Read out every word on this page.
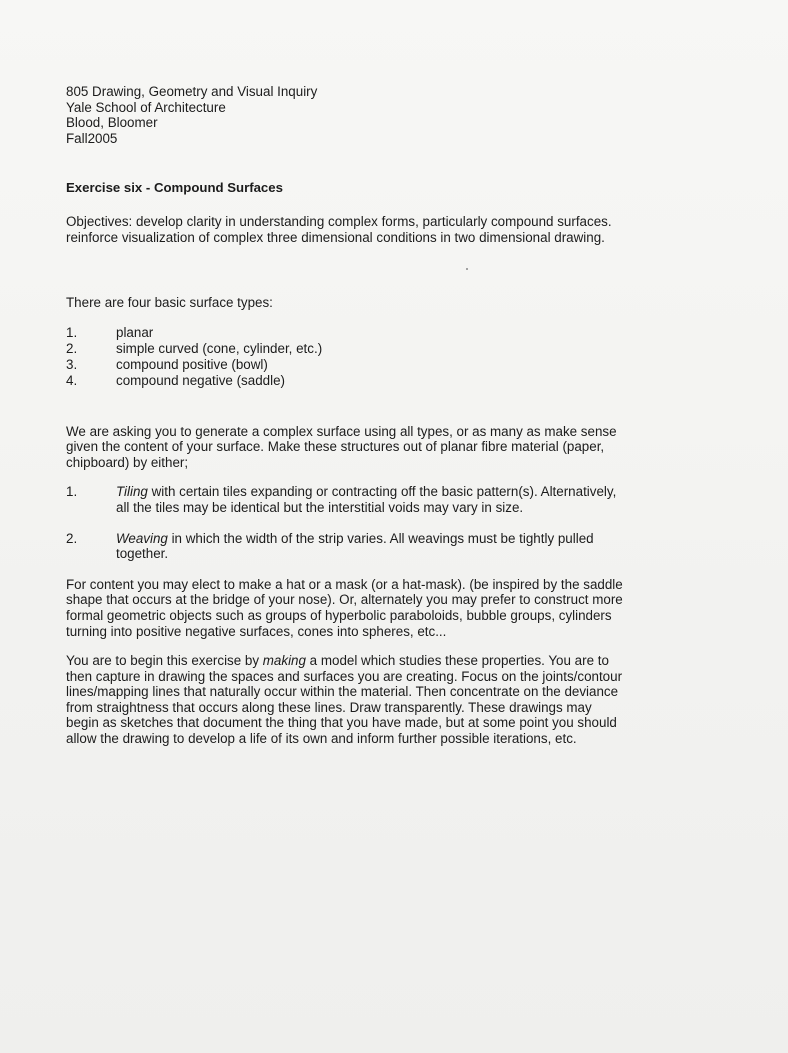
805 Drawing, Geometry and Visual Inquiry
Yale School of Architecture
Blood, Bloomer
Fall2005
Exercise six - Compound Surfaces

Objectives: develop clarity in understanding complex forms, particularly compound surfaces. reinforce visualization of complex three dimensional conditions in two dimensional drawing.

There are four basic surface types:

1.	planar
2.	simple curved (cone, cylinder, etc.)
3.	compound positive (bowl)
4.	compound negative (saddle)

We are asking you to generate a complex surface using all types, or as many as make sense given the content of your surface. Make these structures out of planar fibre material (paper, chipboard) by either;

1.	Tiling with certain tiles expanding or contracting off the basic pattern(s). Alternatively, all the tiles may be identical but the interstitial voids may vary in size.
2.	Weaving in which the width of the strip varies. All weavings must be tightly pulled together.

For content you may elect to make a hat or a mask (or a hat-mask). (be inspired by the saddle shape that occurs at the bridge of your nose). Or, alternately you may prefer to construct more formal geometric objects such as groups of hyperbolic paraboloids, bubble groups, cylinders turning into positive negative surfaces, cones into spheres, etc...

You are to begin this exercise by making a model which studies these properties. You are to then capture in drawing the spaces and surfaces you are creating. Focus on the joints/contour lines/mapping lines that naturally occur within the material. Then concentrate on the deviance from straightness that occurs along these lines. Draw transparently. These drawings may begin as sketches that document the thing that you have made, but at some point you should allow the drawing to develop a life of its own and inform further possible iterations, etc.
